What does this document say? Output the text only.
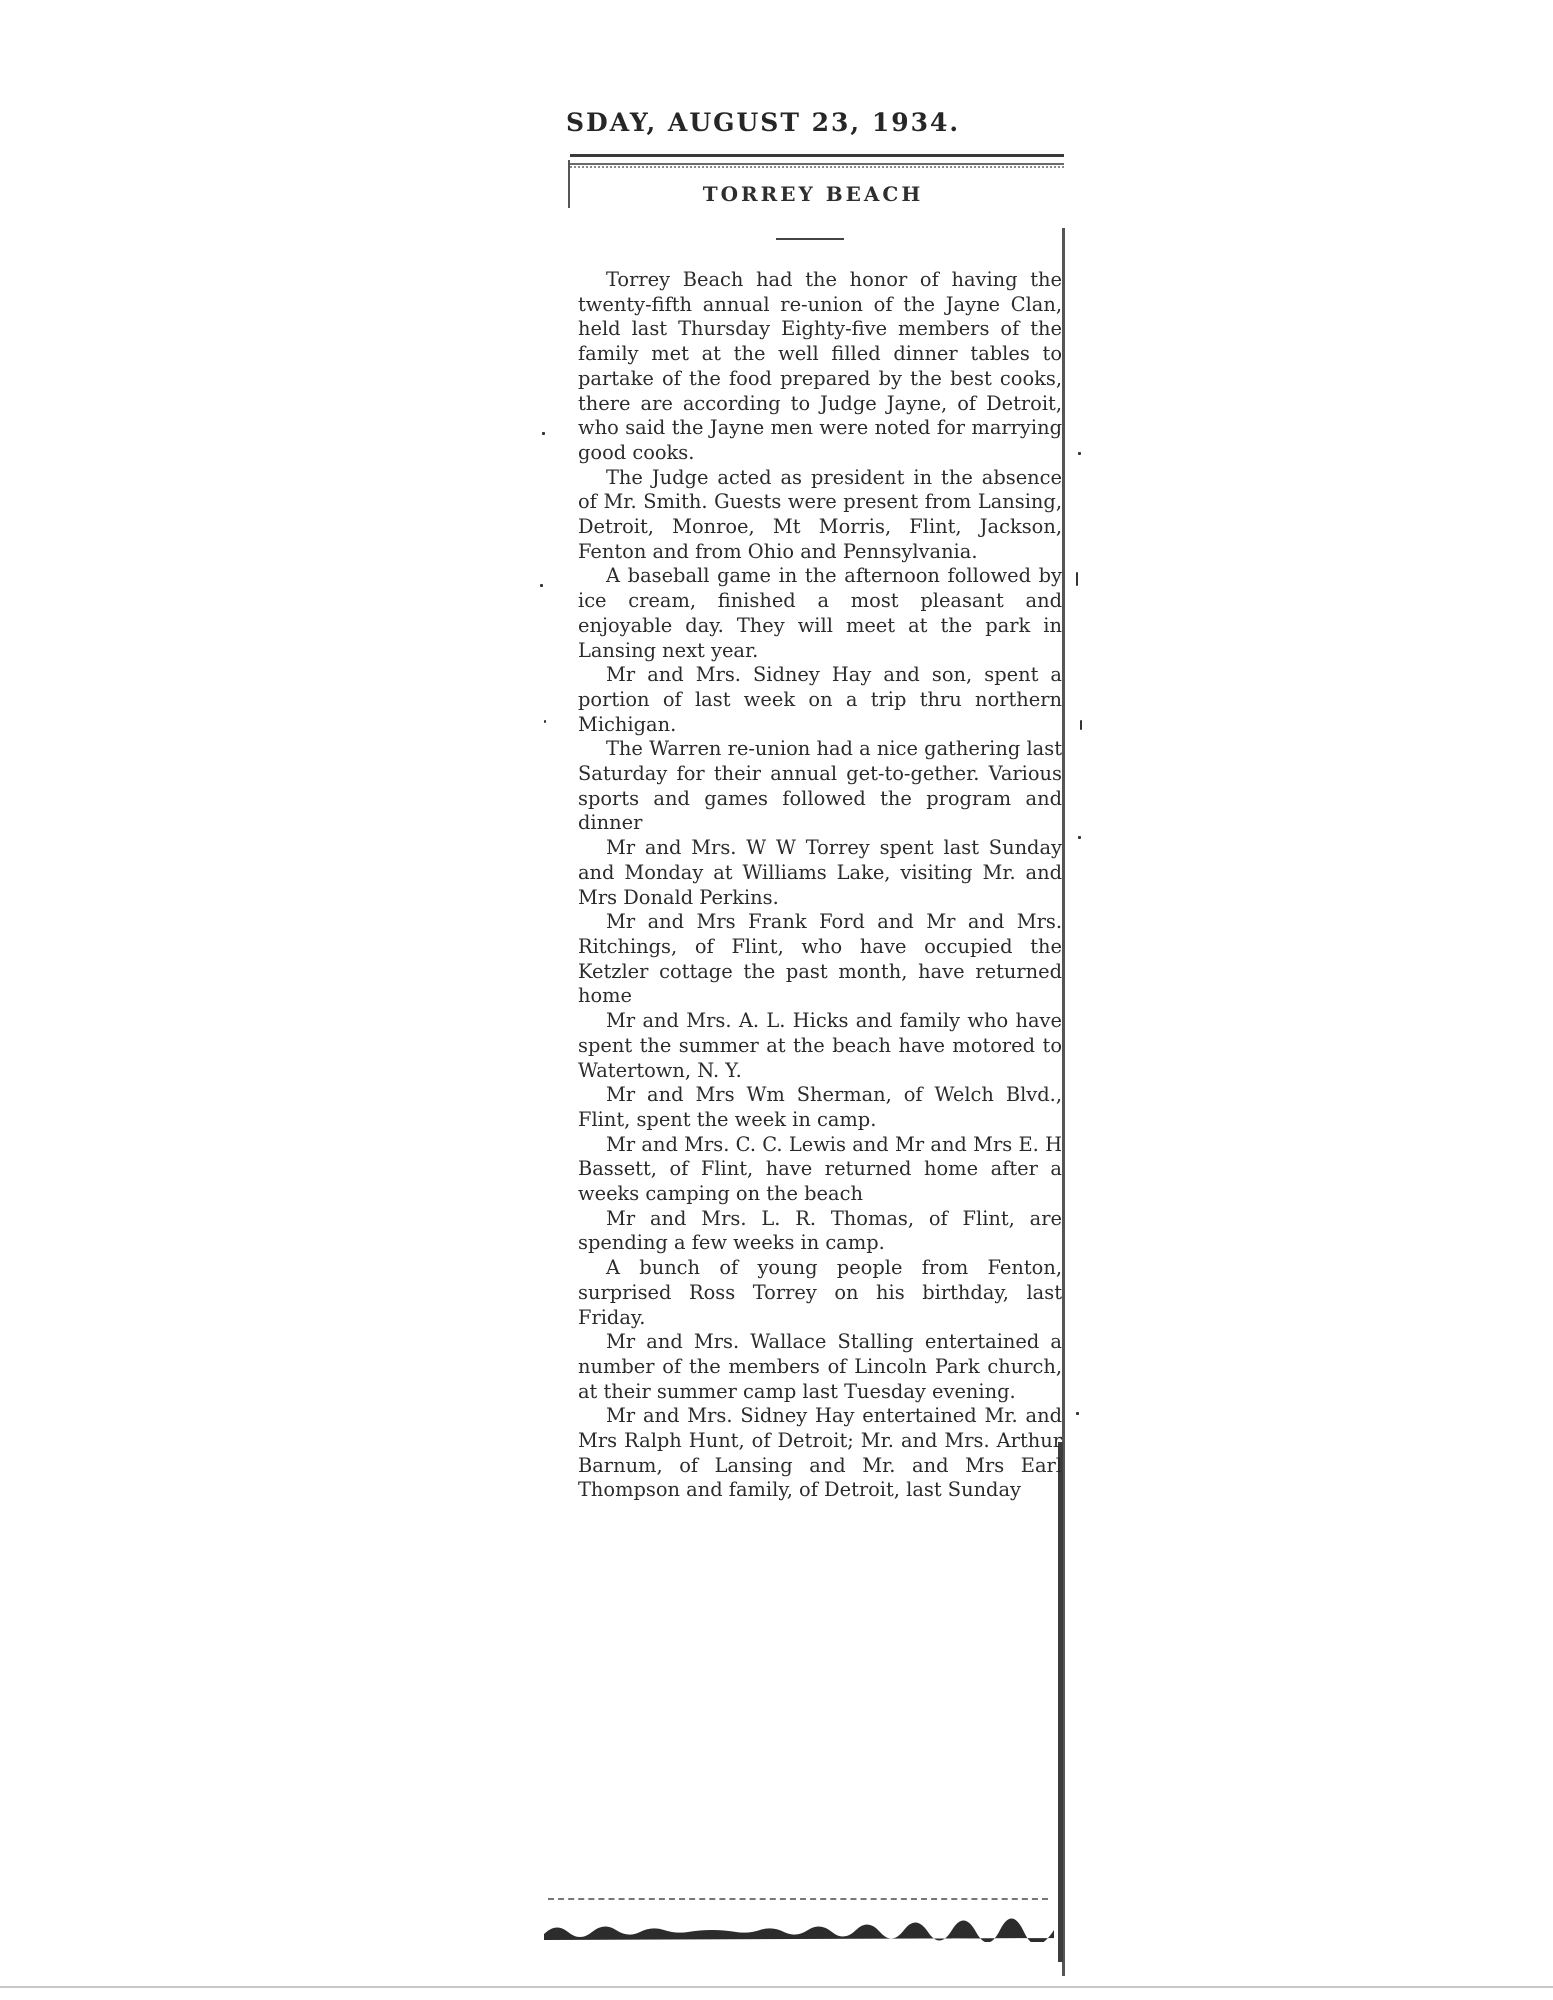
SDAY, AUGUST 23, 1934.
TORREY BEACH

Torrey Beach had the honor of having the twenty-fifth annual re-union of the Jayne Clan, held last Thursday Eighty-five members of the family met at the well filled dinner tables to partake of the food prepared by the best cooks, there are according to Judge Jayne, of Detroit, who said the Jayne men were noted for marrying good cooks.

The Judge acted as president in the absence of Mr. Smith. Guests were present from Lansing, Detroit, Monroe, Mt Morris, Flint, Jackson, Fenton and from Ohio and Pennsylvania.

A baseball game in the afternoon followed by ice cream, finished a most pleasant and enjoyable day. They will meet at the park in Lansing next year.

Mr and Mrs. Sidney Hay and son, spent a portion of last week on a trip thru northern Michigan.

The Warren re-union had a nice gathering last Saturday for their annual get-to-gether. Various sports and games followed the program and dinner

Mr and Mrs. W W Torrey spent last Sunday and Monday at Williams Lake, visiting Mr. and Mrs Donald Perkins.

Mr and Mrs Frank Ford and Mr and Mrs. Ritchings, of Flint, who have occupied the Ketzler cottage the past month, have returned home

Mr and Mrs. A. L. Hicks and family who have spent the summer at the beach have motored to Watertown, N. Y.

Mr and Mrs Wm Sherman, of Welch Blvd., Flint, spent the week in camp.

Mr and Mrs. C. C. Lewis and Mr and Mrs E. H Bassett, of Flint, have returned home after a weeks camping on the beach

Mr and Mrs. L. R. Thomas, of Flint, are spending a few weeks in camp.

A bunch of young people from Fenton, surprised Ross Torrey on his birthday, last Friday.

Mr and Mrs. Wallace Stalling entertained a number of the members of Lincoln Park church, at their summer camp last Tuesday evening.

Mr and Mrs. Sidney Hay entertained Mr. and Mrs Ralph Hunt, of Detroit; Mr. and Mrs. Arthur Barnum, of Lansing and Mr. and Mrs Earl Thompson and family, of Detroit, last Sunday
